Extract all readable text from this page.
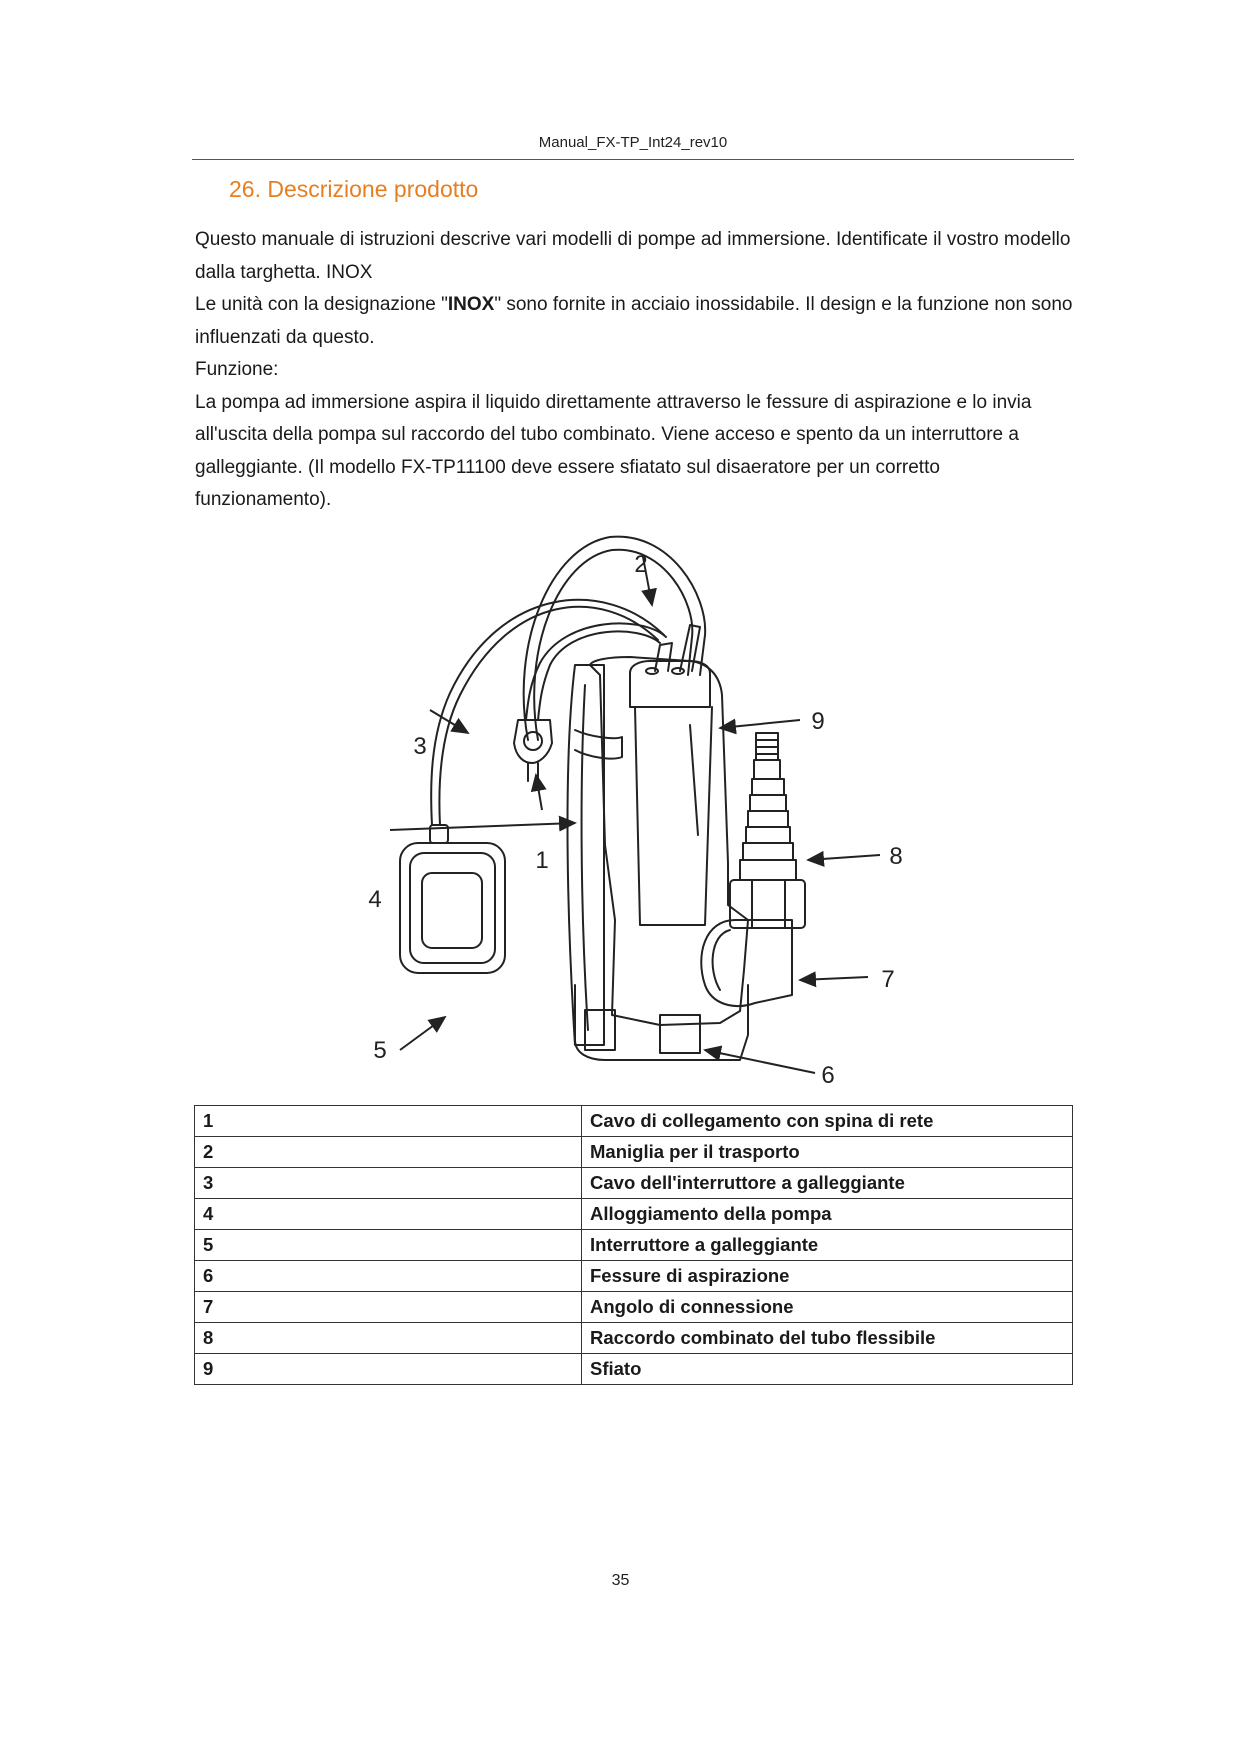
Manual_FX-TP_Int24_rev10
26. Descrizione prodotto

Questo manuale di istruzioni descrive vari modelli di pompe ad immersione. Identificate il vostro modello dalla targhetta. INOX

Le unità con la designazione "INOX" sono fornite in acciaio inossidabile. Il design e la funzione non sono influenzati da questo.

Funzione:

La pompa ad immersione aspira il liquido direttamente attraverso le fessure di aspirazione e lo invia all'uscita della pompa sul raccordo del tubo combinato. Viene acceso e spento da un interruttore a galleggiante. (Il modello FX-TP11100 deve essere sfiatato sul disaeratore per un corretto funzionamento).

1
2
3
4
5
6
7
8
9
1	Cavo di collegamento con spina di rete
2	Maniglia per il trasporto
3	Cavo dell'interruttore a galleggiante
4	Alloggiamento della pompa
5	Interruttore a galleggiante
6	Fessure di aspirazione
7	Angolo di connessione
8	Raccordo combinato del tubo flessibile
9	Sfiato
35
